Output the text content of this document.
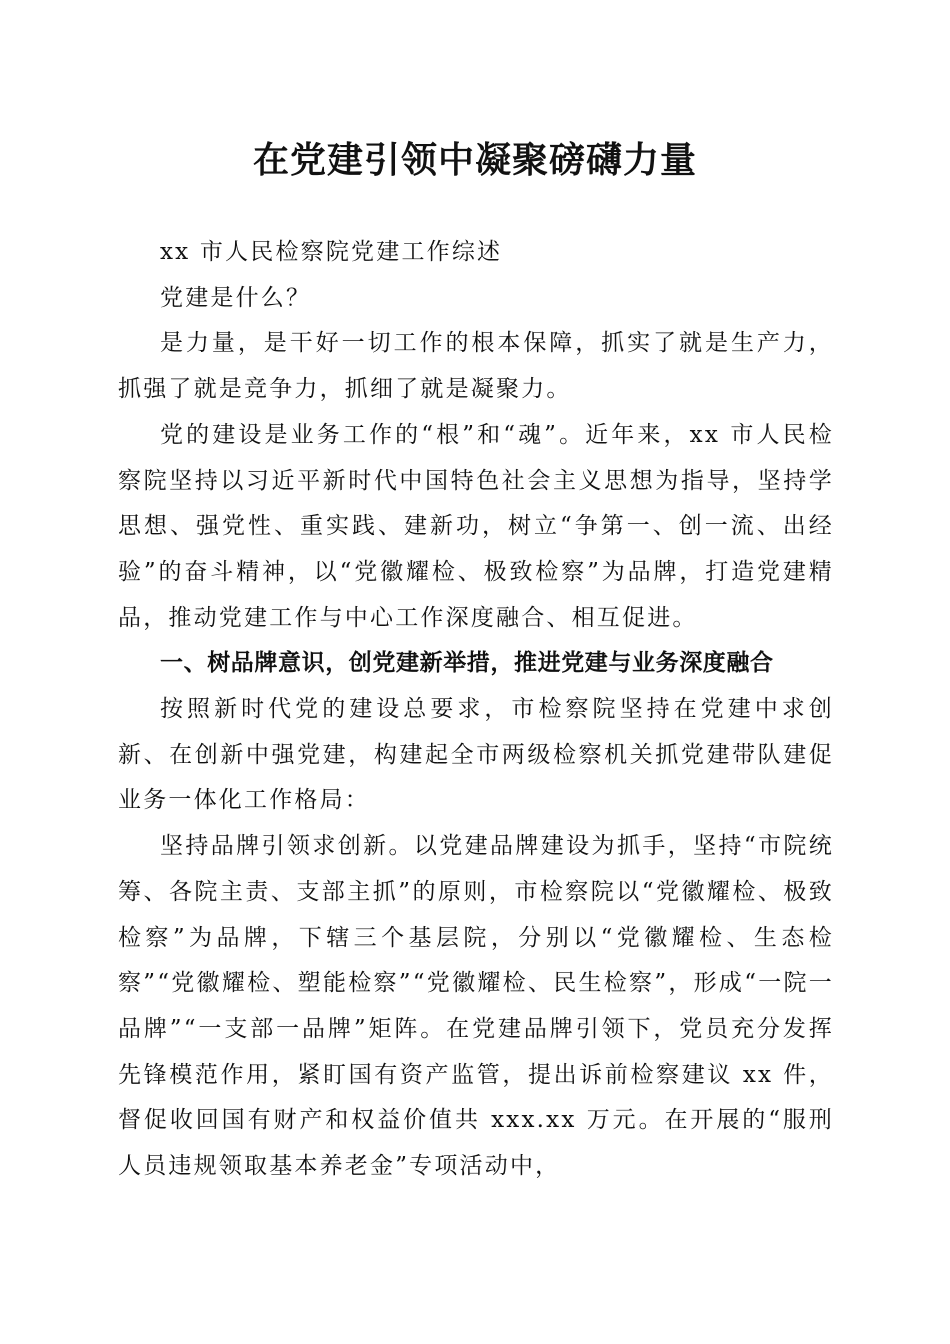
在党建引领中凝聚磅礴力量

xx 市人民检察院党建工作综述

党建是什么？

是力量，是干好一切工作的根本保障，抓实了就是生产力，抓强了就是竞争力，抓细了就是凝聚力。

党的建设是业务工作的“根”和“魂”。近年来，xx 市人民检察院坚持以习近平新时代中国特色社会主义思想为指导，坚持学思想、强党性、重实践、建新功，树立“争第一、创一流、出经验”的奋斗精神，以“党徽耀检、极致检察”为品牌，打造党建精品，推动党建工作与中心工作深度融合、相互促进。

一、树品牌意识，创党建新举措，推进党建与业务深度融合

按照新时代党的建设总要求，市检察院坚持在党建中求创新、在创新中强党建，构建起全市两级检察机关抓党建带队建促业务一体化工作格局：

坚持品牌引领求创新。以党建品牌建设为抓手，坚持“市院统筹、各院主责、支部主抓”的原则，市检察院以“党徽耀检、极致检察”为品牌，下辖三个基层院，分别以“党徽耀检、生态检察”“党徽耀检、塑能检察”“党徽耀检、民生检察”，形成“一院一品牌”“一支部一品牌”矩阵。在党建品牌引领下，党员充分发挥先锋模范作用，紧盯国有资产监管，提出诉前检察建议 xx 件，督促收回国有财产和权益价值共 xxx.xx 万元。在开展的“服刑人员违规领取基本养老金”专项活动中，
